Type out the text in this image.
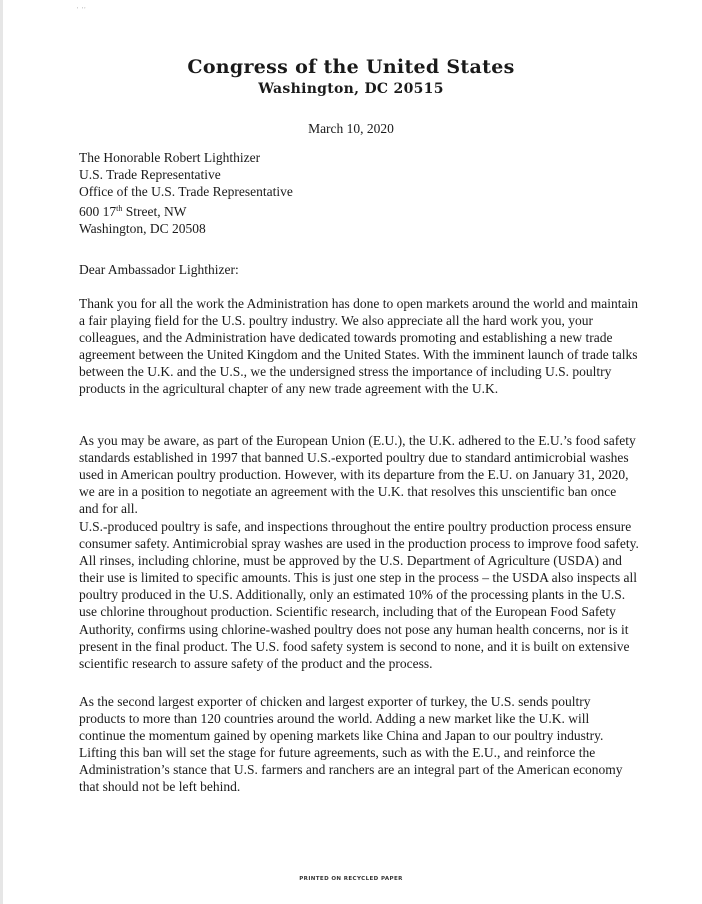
' ''
Congress of the United States
Washington, DC 20515
March 10, 2020
The Honorable Robert Lighthizer
U.S. Trade Representative
Office of the U.S. Trade Representative
600 17th Street, NW
Washington, DC 20508
Dear Ambassador Lighthizer:

Thank you for all the work the Administration has done to open markets around the world and maintain a fair playing field for the U.S. poultry industry. We also appreciate all the hard work you, your colleagues, and the Administration have dedicated towards promoting and establishing a new trade agreement between the United Kingdom and the United States. With the imminent launch of trade talks between the U.K. and the U.S., we the undersigned stress the importance of including U.S. poultry products in the agricultural chapter of any new trade agreement with the U.K.

As you may be aware, as part of the European Union (E.U.), the U.K. adhered to the E.U.’s food safety standards established in 1997 that banned U.S.-exported poultry due to standard antimicrobial washes used in American poultry production. However, with its departure from the E.U. on January 31, 2020, we are in a position to negotiate an agreement with the U.K. that resolves this unscientific ban once and for all.

U.S.-produced poultry is safe, and inspections throughout the entire poultry production process ensure consumer safety. Antimicrobial spray washes are used in the production process to improve food safety. All rinses, including chlorine, must be approved by the U.S. Department of Agriculture (USDA) and their use is limited to specific amounts. This is just one step in the process – the USDA also inspects all poultry produced in the U.S. Additionally, only an estimated 10% of the processing plants in the U.S. use chlorine throughout production. Scientific research, including that of the European Food Safety Authority, confirms using chlorine-washed poultry does not pose any human health concerns, nor is it present in the final product. The U.S. food safety system is second to none, and it is built on extensive scientific research to assure safety of the product and the process.

As the second largest exporter of chicken and largest exporter of turkey, the U.S. sends poultry products to more than 120 countries around the world. Adding a new market like the U.K. will continue the momentum gained by opening markets like China and Japan to our poultry industry. Lifting this ban will set the stage for future agreements, such as with the E.U., and reinforce the Administration’s stance that U.S. farmers and ranchers are an integral part of the American economy that should not be left behind.

PRINTED ON RECYCLED PAPER
